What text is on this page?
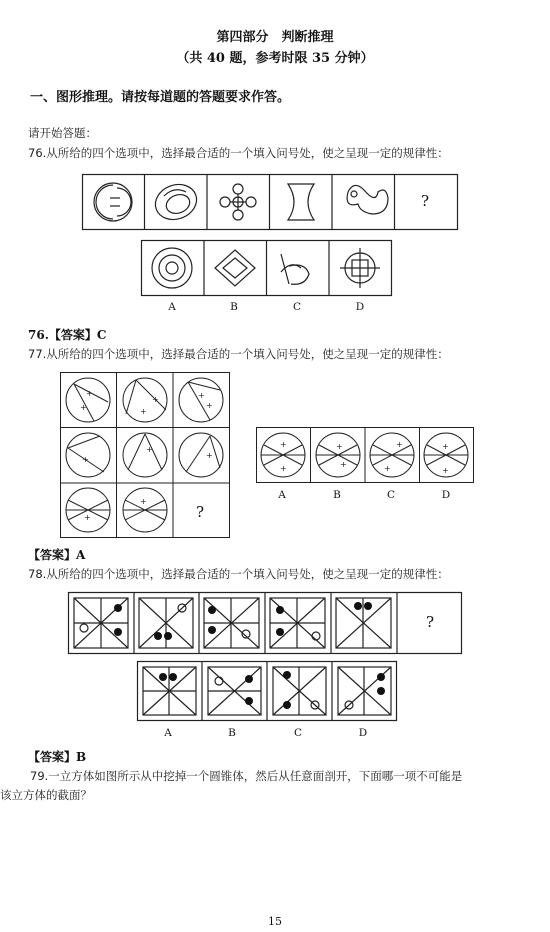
第四部分　判断推理
（共 40 题，参考时限 35 分钟）
一、图形推理。请按每道题的答题要求作答。
请开始答题：
76.从所给的四个选项中，选择最合适的一个填入问号处，使之呈现一定的规律性：
?
A	B	C	D
76.【答案】C
77.从所给的四个选项中，选择最合适的一个填入问号处，使之呈现一定的规律性：
+
+
+
+
+
+
+
+
+
+
+
?
+
+
+
+	+
+	+
+
A	B	C	D
【答案】A
78.从所给的四个选项中，选择最合适的一个填入问号处，使之呈现一定的规律性：
?
A	B	C	D
【答案】B
79.一立方体如图所示从中挖掉一个圆锥体，然后从任意面剖开，下面哪一项不可能是
该立方体的截面？
15
